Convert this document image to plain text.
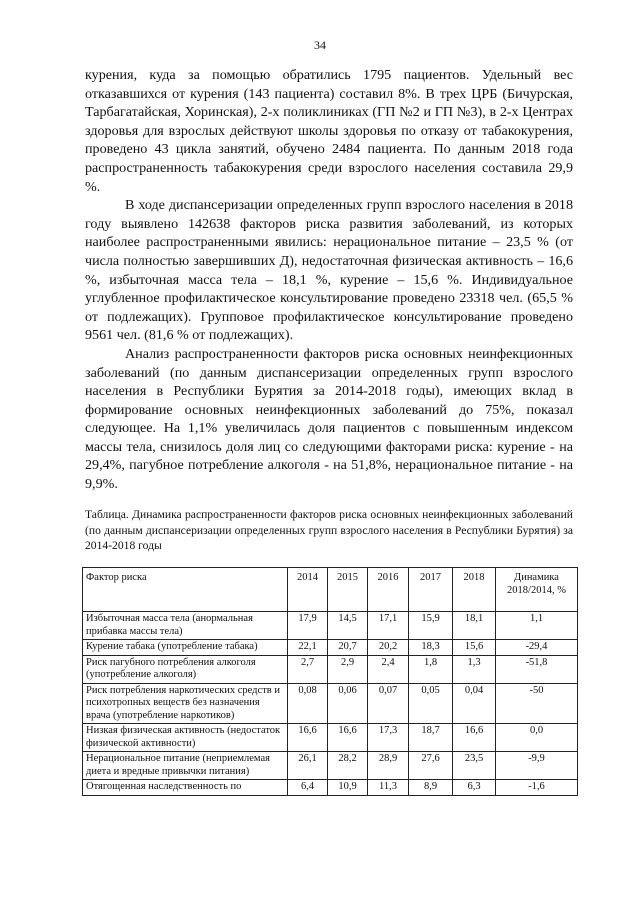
34

курения, куда за помощью обратились 1795 пациентов. Удельный вес отказавшихся от курения (143 пациента) составил 8%. В трех ЦРБ (Бичурская, Тарбагатайская, Хоринская), 2-х поликлиниках (ГП №2 и ГП №3), в 2-х Центрах здоровья для взрослых действуют школы здоровья по отказу от табакокурения, проведено 43 цикла занятий, обучено 2484 пациента. По данным 2018 года распространенность табакокурения среди взрослого населения составила 29,9 %.

В ходе диспансеризации определенных групп взрослого населения в 2018 году выявлено 142638 факторов риска развития заболеваний, из которых наиболее распространенными явились: нерациональное питание – 23,5 % (от числа полностью завершивших Д), недостаточная физическая активность – 16,6 %, избыточная масса тела – 18,1 %, курение – 15,6 %. Индивидуальное углубленное профилактическое консультирование проведено 23318 чел. (65,5 % от подлежащих). Групповое профилактическое консультирование проведено 9561 чел. (81,6 % от подлежащих).

Анализ распространенности факторов риска основных неинфекционных заболеваний (по данным диспансеризации определенных групп взрослого населения в Республики Бурятия за 2014-2018 годы), имеющих вклад в формирование основных неинфекционных заболеваний до 75%, показал следующее. На 1,1% увеличилась доля пациентов с повышенным индексом массы тела, снизилось доля лиц со следующими факторами риска: курение - на 29,4%, пагубное потребление алкоголя - на 51,8%, нерациональное питание - на 9,9%.

Таблица. Динамика распространенности факторов риска основных неинфекционных заболеваний (по данным диспансеризации определенных групп взрослого населения в Республики Бурятия) за 2014-2018 годы
Фактор риска	2014	2015	2016	2017	2018	Динамика 2018/2014, %
Избыточная масса тела (анормальная прибавка массы тела)	17,9	14,5	17,1	15,9	18,1	1,1
Курение табака (употребление табака)	22,1	20,7	20,2	18,3	15,6	-29,4
Риск пагубного потребления алкоголя (употребление алкоголя)	2,7	2,9	2,4	1,8	1,3	-51,8
Риск потребления наркотических средств и психотропных веществ без назначения врача (употребление наркотиков)	0,08	0,06	0,07	0,05	0,04	-50
Низкая физическая активность (недостаток физической активности)	16,6	16,6	17,3	18,7	16,6	0,0
Нерациональное питание (неприемлемая диета и вредные привычки питания)	26,1	28,2	28,9	27,6	23,5	-9,9
Отягощенная наследственность по	6,4	10,9	11,3	8,9	6,3	-1,6
